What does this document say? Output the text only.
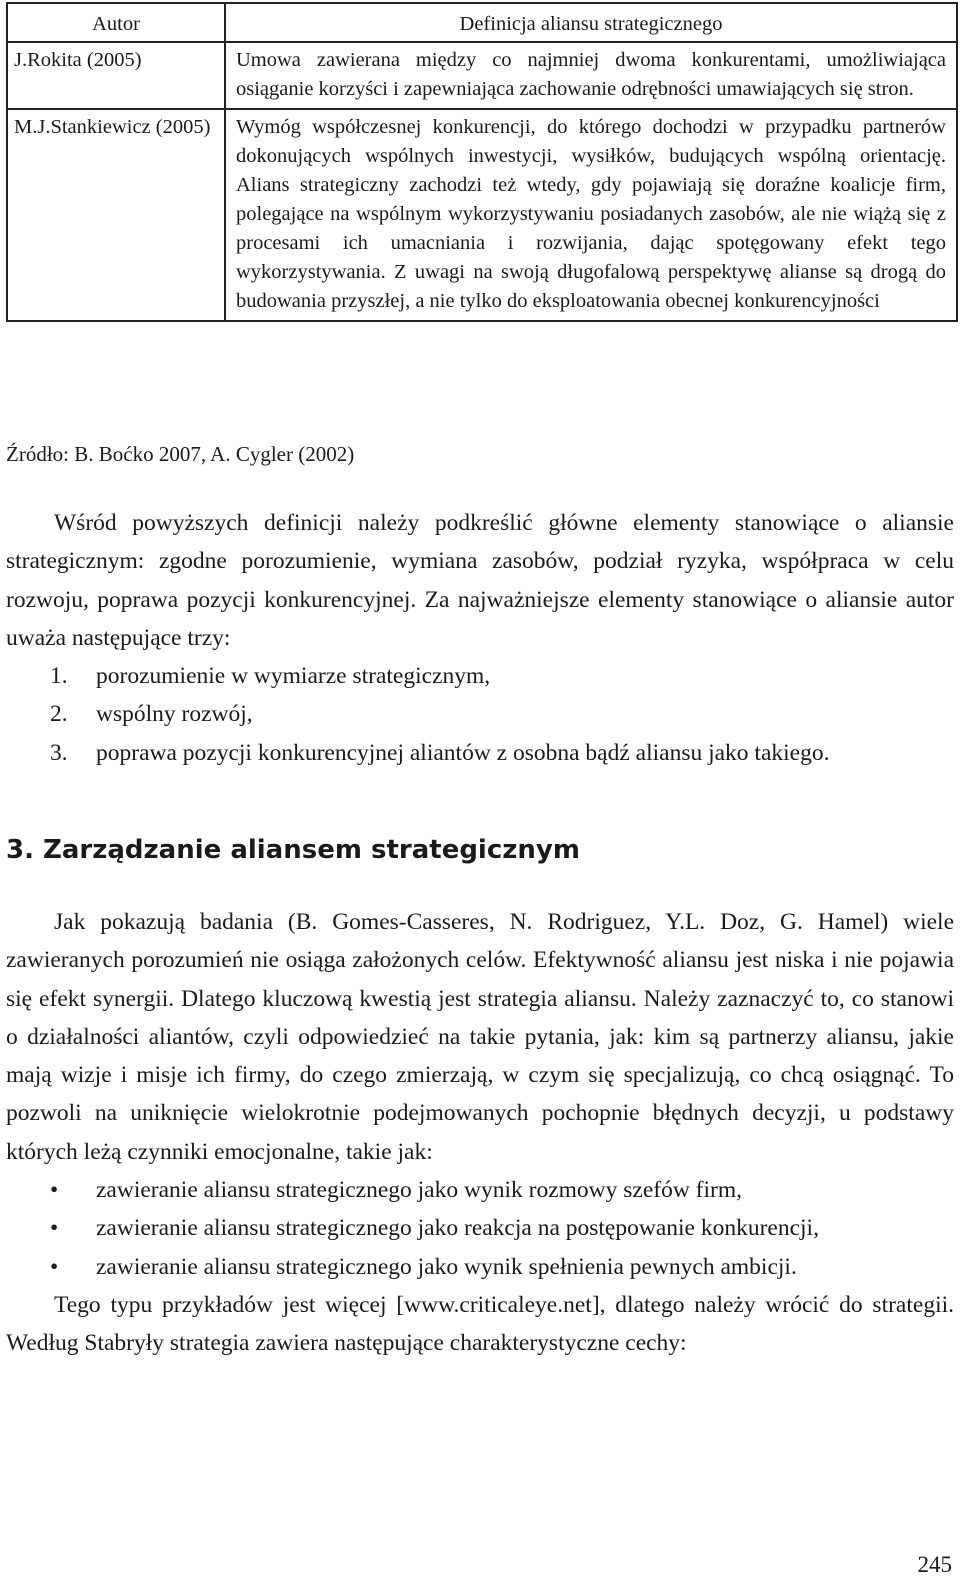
Autor	Definicja aliansu strategicznego
J.Rokita (2005)	Umowa zawierana między co najmniej dwoma konkurentami, umożliwiająca osiąganie korzyści i zapewniająca zachowanie odrębności umawiających się stron.
M.J.Stankiewicz (2005)	Wymóg współczesnej konkurencji, do którego dochodzi w przypadku partnerów dokonujących wspólnych inwestycji, wysiłków, budujących wspólną orientację. Alians strategiczny zachodzi też wtedy, gdy pojawiają się doraźne koalicje firm, polegające na wspólnym wykorzystywaniu posiadanych zasobów, ale nie wiążą się z procesami ich umacniania i rozwijania, dając spotęgowany efekt tego wykorzystywania. Z uwagi na swoją długofalową perspektywę alianse są drogą do budowania przyszłej, a nie tylko do eksploatowania obecnej konkurencyjności
Źródło: B. Boćko 2007, A. Cygler (2002)

Wśród powyższych definicji należy podkreślić główne elementy stanowiące o aliansie strategicznym: zgodne porozumienie, wymiana zasobów, podział ryzyka, współpraca w celu rozwoju, poprawa pozycji konkurencyjnej. Za najważniejsze elementy stanowiące o aliansie autor uważa następujące trzy:

1. porozumienie w wymiarze strategicznym,
2. wspólny rozwój,
3. poprawa pozycji konkurencyjnej aliantów z osobna bądź aliansu jako takiego.
3. Zarządzanie aliansem strategicznym

Jak pokazują badania (B. Gomes-Casseres, N. Rodriguez, Y.L. Doz, G. Hamel) wiele zawieranych porozumień nie osiąga założonych celów. Efektywność aliansu jest niska i nie pojawia się efekt synergii. Dlatego kluczową kwestią jest strategia aliansu. Należy zaznaczyć to, co stanowi o działalności aliantów, czyli odpowiedzieć na takie pytania, jak: kim są partnerzy aliansu, jakie mają wizje i misje ich firmy, do czego zmierzają, w czym się specjalizują, co chcą osiągnąć. To pozwoli na uniknięcie wielokrotnie podejmowanych pochopnie błędnych decyzji, u podstawy których leżą czynniki emocjonalne, takie jak:

• zawieranie aliansu strategicznego jako wynik rozmowy szefów firm,
• zawieranie aliansu strategicznego jako reakcja na postępowanie konkurencji,
• zawieranie aliansu strategicznego jako wynik spełnienia pewnych ambicji.

Tego typu przykładów jest więcej [www.criticaleye.net], dlatego należy wrócić do strategii. Według Stabryły strategia zawiera następujące charakterystyczne cechy:

245
